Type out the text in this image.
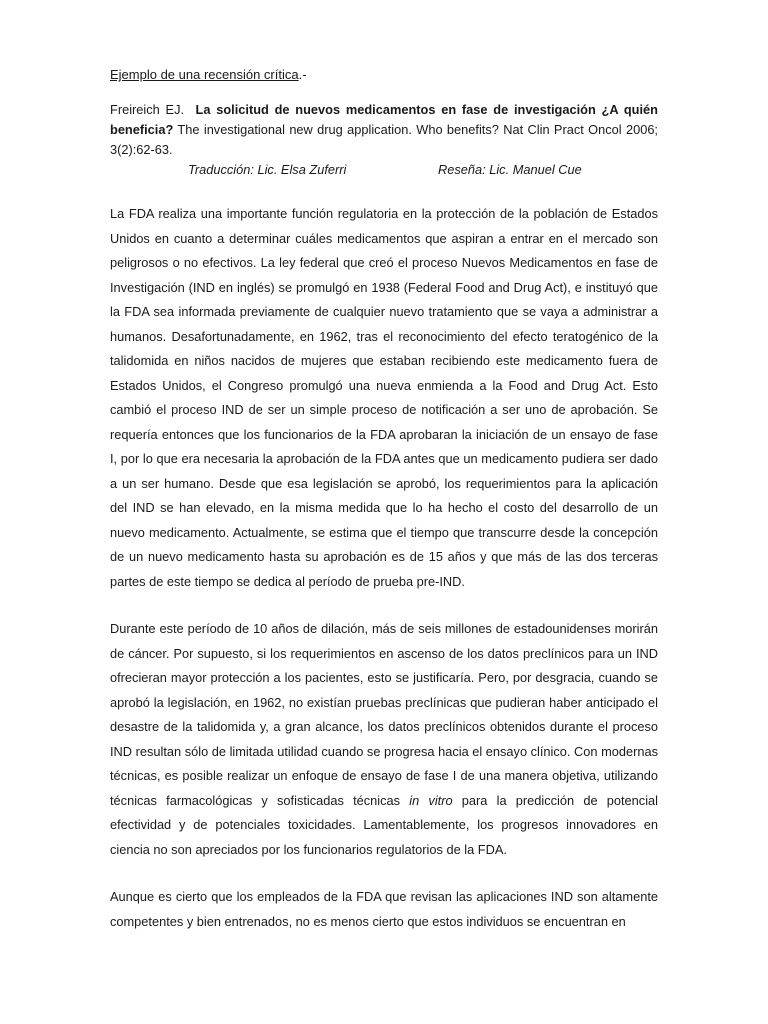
Ejemplo de una recensión crítica.-

Freireich EJ. La solicitud de nuevos medicamentos en fase de investigación ¿A quién beneficia? The investigational new drug application. Who benefits? Nat Clin Pract Oncol 2006; 3(2):62-63.

Traducción: Lic. Elsa Zuferri	Reseña: Lic. Manuel Cue

La FDA realiza una importante función regulatoria en la protección de la población de Estados Unidos en cuanto a determinar cuáles medicamentos que aspiran a entrar en el mercado son peligrosos o no efectivos. La ley federal que creó el proceso Nuevos Medicamentos en fase de Investigación (IND en inglés) se promulgó en 1938 (Federal Food and Drug Act), e instituyó que la FDA sea informada previamente de cualquier nuevo tratamiento que se vaya a administrar a humanos. Desafortunadamente, en 1962, tras el reconocimiento del efecto teratogénico de la talidomida en niños nacidos de mujeres que estaban recibiendo este medicamento fuera de Estados Unidos, el Congreso promulgó una nueva enmienda a la Food and Drug Act. Esto cambió el proceso IND de ser un simple proceso de notificación a ser uno de aprobación. Se requería entonces que los funcionarios de la FDA aprobaran la iniciación de un ensayo de fase I, por lo que era necesaria la aprobación de la FDA antes que un medicamento pudiera ser dado a un ser humano. Desde que esa legislación se aprobó, los requerimientos para la aplicación del IND se han elevado, en la misma medida que lo ha hecho el costo del desarrollo de un nuevo medicamento. Actualmente, se estima que el tiempo que transcurre desde la concepción de un nuevo medicamento hasta su aprobación es de 15 años y que más de las dos terceras partes de este tiempo se dedica al período de prueba pre-IND.

Durante este período de 10 años de dilación, más de seis millones de estadounidenses morirán de cáncer. Por supuesto, si los requerimientos en ascenso de los datos preclínicos para un IND ofrecieran mayor protección a los pacientes, esto se justificaría. Pero, por desgracia, cuando se aprobó la legislación, en 1962, no existían pruebas preclínicas que pudieran haber anticipado el desastre de la talidomida y, a gran alcance, los datos preclínicos obtenidos durante el proceso IND resultan sólo de limitada utilidad cuando se progresa hacia el ensayo clínico. Con modernas técnicas, es posible realizar un enfoque de ensayo de fase I de una manera objetiva, utilizando técnicas farmacológicas y sofisticadas técnicas in vitro para la predicción de potencial efectividad y de potenciales toxicidades. Lamentablemente, los progresos innovadores en ciencia no son apreciados por los funcionarios regulatorios de la FDA.

Aunque es cierto que los empleados de la FDA que revisan las aplicaciones IND son altamente competentes y bien entrenados, no es menos cierto que estos individuos se encuentran en
